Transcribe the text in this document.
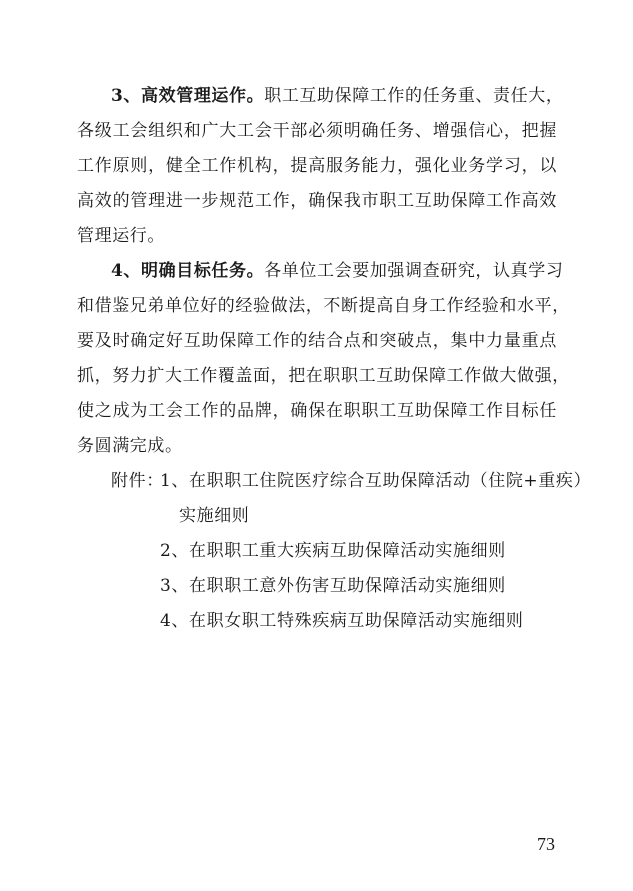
3、高效管理运作。职工互助保障工作的任务重、责任大，
各级工会组织和广大工会干部必须明确任务、增强信心，把握
工作原则，健全工作机构，提高服务能力，强化业务学习，以
高效的管理进一步规范工作，确保我市职工互助保障工作高效
管理运行。
4、明确目标任务。各单位工会要加强调查研究，认真学习
和借鉴兄弟单位好的经验做法，不断提高自身工作经验和水平，
要及时确定好互助保障工作的结合点和突破点，集中力量重点
抓，努力扩大工作覆盖面，把在职职工互助保障工作做大做强，
使之成为工会工作的品牌，确保在职职工互助保障工作目标任
务圆满完成。
附件：
1、在职职工住院医疗综合互助保障活动（住院+重疾）
实施细则
2、在职职工重大疾病互助保障活动实施细则
3、在职职工意外伤害互助保障活动实施细则
4、在职女职工特殊疾病互助保障活动实施细则
73
